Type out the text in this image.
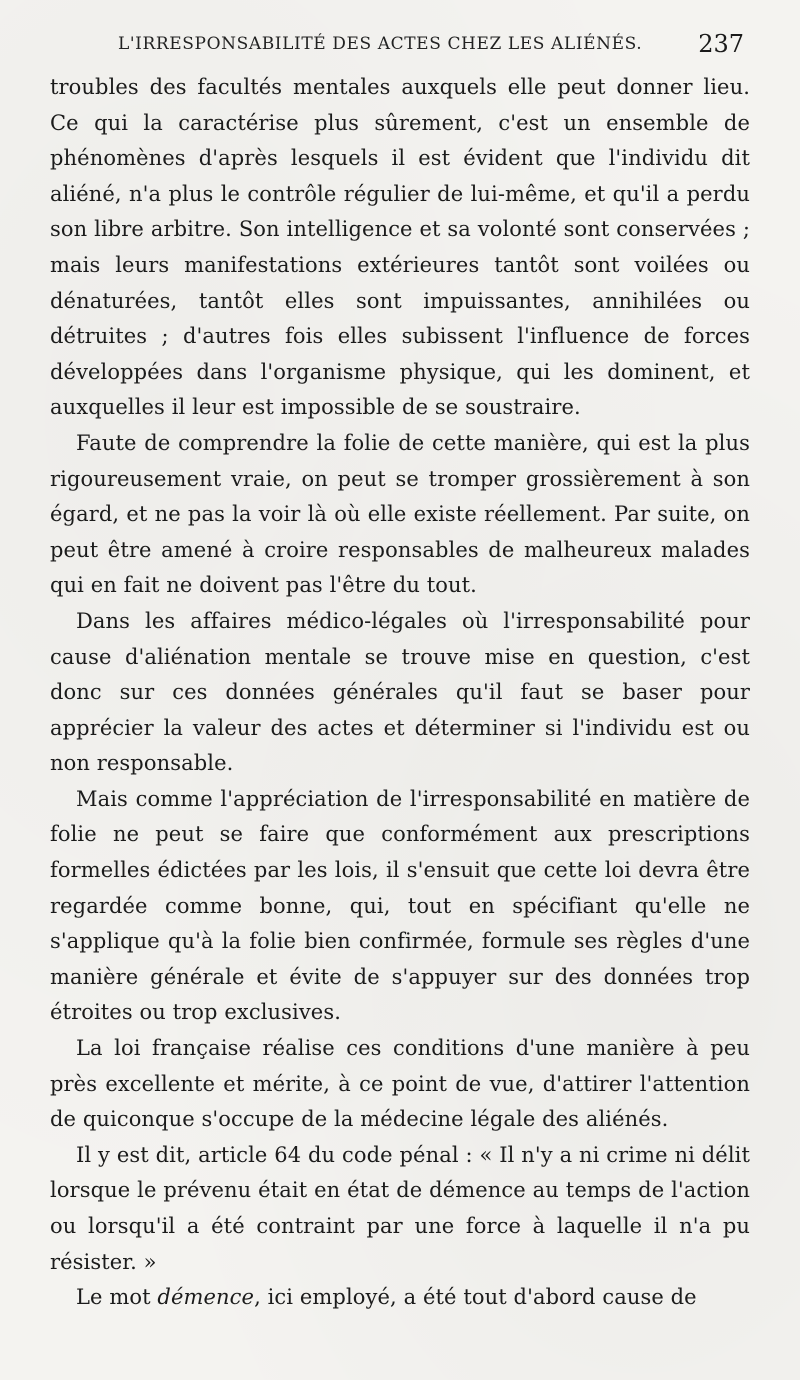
L'IRRESPONSABILITÉ DES ACTES CHEZ LES ALIÉNÉS. 237

troubles des facultés mentales auxquels elle peut donner lieu. Ce qui la caractérise plus sûrement, c'est un ensemble de phénomènes d'après lesquels il est évident que l'individu dit aliéné, n'a plus le contrôle régulier de lui-même, et qu'il a perdu son libre arbitre. Son intelligence et sa volonté sont conservées ; mais leurs manifestations extérieures tantôt sont voilées ou dénaturées, tantôt elles sont impuissantes, annihilées ou détruites ; d'autres fois elles subissent l'influence de forces développées dans l'organisme physique, qui les dominent, et auxquelles il leur est impossible de se soustraire.

Faute de comprendre la folie de cette manière, qui est la plus rigoureusement vraie, on peut se tromper grossièrement à son égard, et ne pas la voir là où elle existe réellement. Par suite, on peut être amené à croire responsables de malheureux malades qui en fait ne doivent pas l'être du tout.

Dans les affaires médico-légales où l'irresponsabilité pour cause d'aliénation mentale se trouve mise en question, c'est donc sur ces données générales qu'il faut se baser pour apprécier la valeur des actes et déterminer si l'individu est ou non responsable.

Mais comme l'appréciation de l'irresponsabilité en matière de folie ne peut se faire que conformément aux prescriptions formelles édictées par les lois, il s'ensuit que cette loi devra être regardée comme bonne, qui, tout en spécifiant qu'elle ne s'applique qu'à la folie bien confirmée, formule ses règles d'une manière générale et évite de s'appuyer sur des données trop étroites ou trop exclusives.

La loi française réalise ces conditions d'une manière à peu près excellente et mérite, à ce point de vue, d'attirer l'attention de quiconque s'occupe de la médecine légale des aliénés.

Il y est dit, article 64 du code pénal : « Il n'y a ni crime ni délit lorsque le prévenu était en état de démence au temps de l'action ou lorsqu'il a été contraint par une force à laquelle il n'a pu résister. »

Le mot démence, ici employé, a été tout d'abord cause de
